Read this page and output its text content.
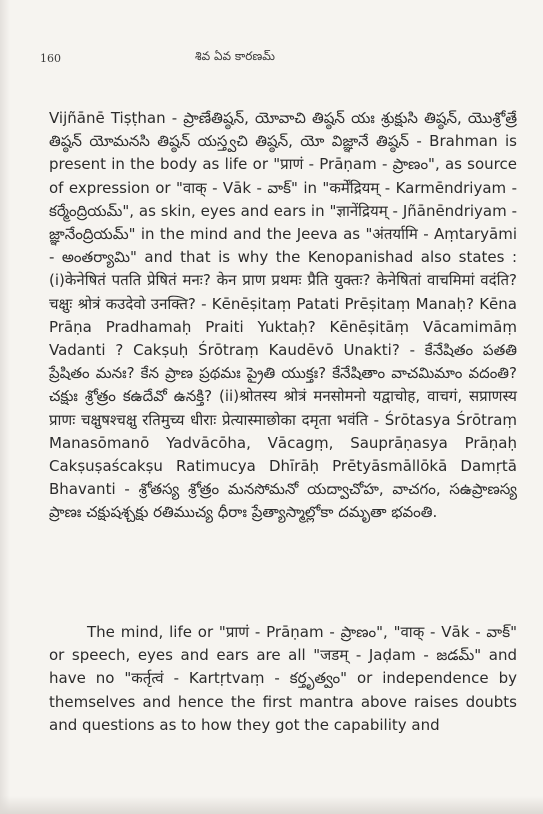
160	శివ ఏవ కారణమ్

Vijñānē Tiṣṭhan - ప్రాణేతిష్ఠన్, యోవాచి తిష్ఠన్ యః శ్రుక్షుసి తిష్ఠన్, యొశ్రోత్రే తిష్ఠన్ యోమనసి తిష్ఠన్ యస్త్వచి తిష్ఠన్, యో విజ్ఞానే తిష్ఠన్ - Brahman is present in the body as life or "प्राणं - Prāṇam - ప్రాణం", as source of expression or "वाक् - Vāk - వాక్" in "कर्मेंद्रियम् - Karmēndriyam - కర్మేంద్రియమ్", as skin, eyes and ears in "ज्ञानेंद्रियम् - Jñānēndriyam - జ్ఞానేంద్రియమ్" in the mind and the Jeeva as "अंतर्यामि - Aṃtaryāmi - అంతర్యామి" and that is why the Kenopanishad also states : (i)केनेषितं पतति प्रेषितं मनः? केन प्राण प्रथमः प्रैति युक्तः? केनेषितां वाचमिमां वदंति? चक्षुः श्रोत्रं कउदेवो उनक्ति? - Kēnēṣitaṃ Patati Prēṣitaṃ Manaḥ? Kēna Prāṇa Pradhamaḥ Praiti Yuktaḥ? Kēnēṣitāṃ Vācamimāṃ Vadanti ? Cakṣuḥ Śrōtraṃ Kaudēvō Unakti? - కేనేషితం పతతి ప్రేషితం మనః? కేన ప్రాణ ప్రథమః ప్రైతి యుక్తః? కేనేషితాం వాచమిమాం వదంతి? చక్షుః శ్రోత్రం కఉదేవో ఉనక్తి? (ii)श्रोतस्य श्रोत्रं मनसोमनो यद्वाचोह, वाचगं, सप्राणस्य प्राणः चक्षुषश्चक्षु रतिमुच्य धीराः प्रेत्यास्माछोका दमृता भवंति - Śrōtasya Śrōtraṃ Manasōmanō Yadvācōha, Vācagṃ, Sauprāṇasya Prāṇaḥ Cakṣuṣaścakṣu Ratimucya Dhīrāḥ Prētyāsmāllōkā Damṛtā Bhavanti - శ్రోతస్య శ్రోత్రం మనసోమనో యద్వాచోహ, వాచగం, సఉప్రాణస్య ప్రాణః చక్షుషశ్చక్షు రతిముచ్య ధీరాః ప్రేత్యాస్మాల్లోకా దమృతా భవంతి.

The mind, life or "प्राणं - Prāṇam - ప్రాణం", "वाक् - Vāk - వాక్" or speech, eyes and ears are all "जडम् - Jaḍam - జడమ్" and have no "कर्तृत्वं - Kartṛtvaṃ - కర్తృత్వం" or independence by themselves and hence the first mantra above raises doubts and questions as to how they got the capability and
